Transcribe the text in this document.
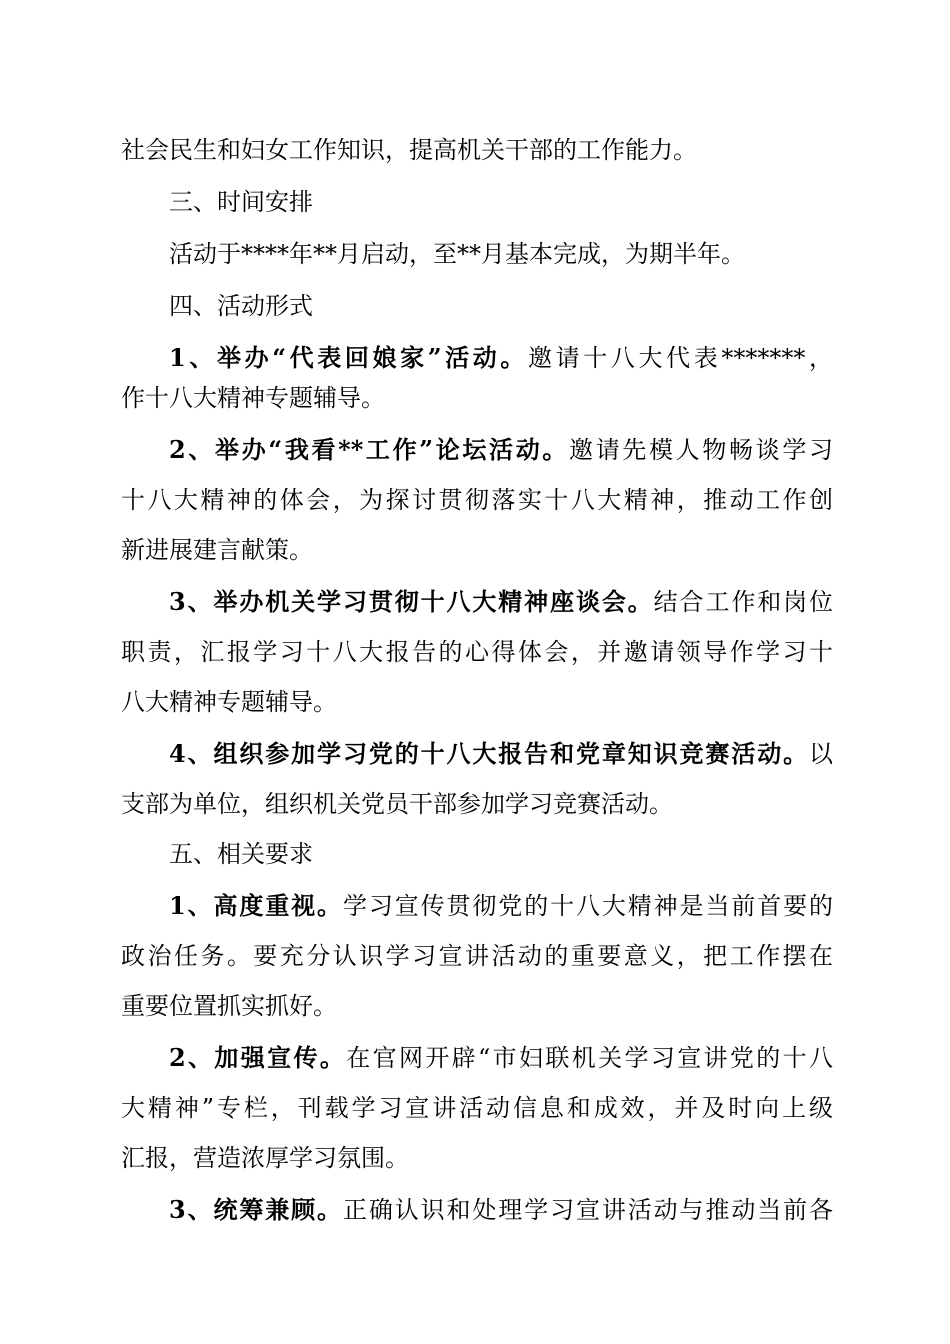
社会民生和妇女工作知识，提高机关干部的工作能力。
三、时间安排
活动于****年**月启动，至**月基本完成，为期半年。
四、活动形式
1、举办“代表回娘家”活动。邀请十八大代表*******，
作十八大精神专题辅导。
2、举办“我看**工作”论坛活动。邀请先模人物畅谈学习
十八大精神的体会，为探讨贯彻落实十八大精神，推动工作创
新进展建言献策。
3、举办机关学习贯彻十八大精神座谈会。结合工作和岗位
职责，汇报学习十八大报告的心得体会，并邀请领导作学习十
八大精神专题辅导。
4、组织参加学习党的十八大报告和党章知识竞赛活动。以
支部为单位，组织机关党员干部参加学习竞赛活动。
五、相关要求
1、高度重视。学习宣传贯彻党的十八大精神是当前首要的
政治任务。要充分认识学习宣讲活动的重要意义，把工作摆在
重要位置抓实抓好。
2、加强宣传。在官网开辟“市妇联机关学习宣讲党的十八
大精神”专栏，刊载学习宣讲活动信息和成效，并及时向上级
汇报，营造浓厚学习氛围。
3、统筹兼顾。正确认识和处理学习宣讲活动与推动当前各
